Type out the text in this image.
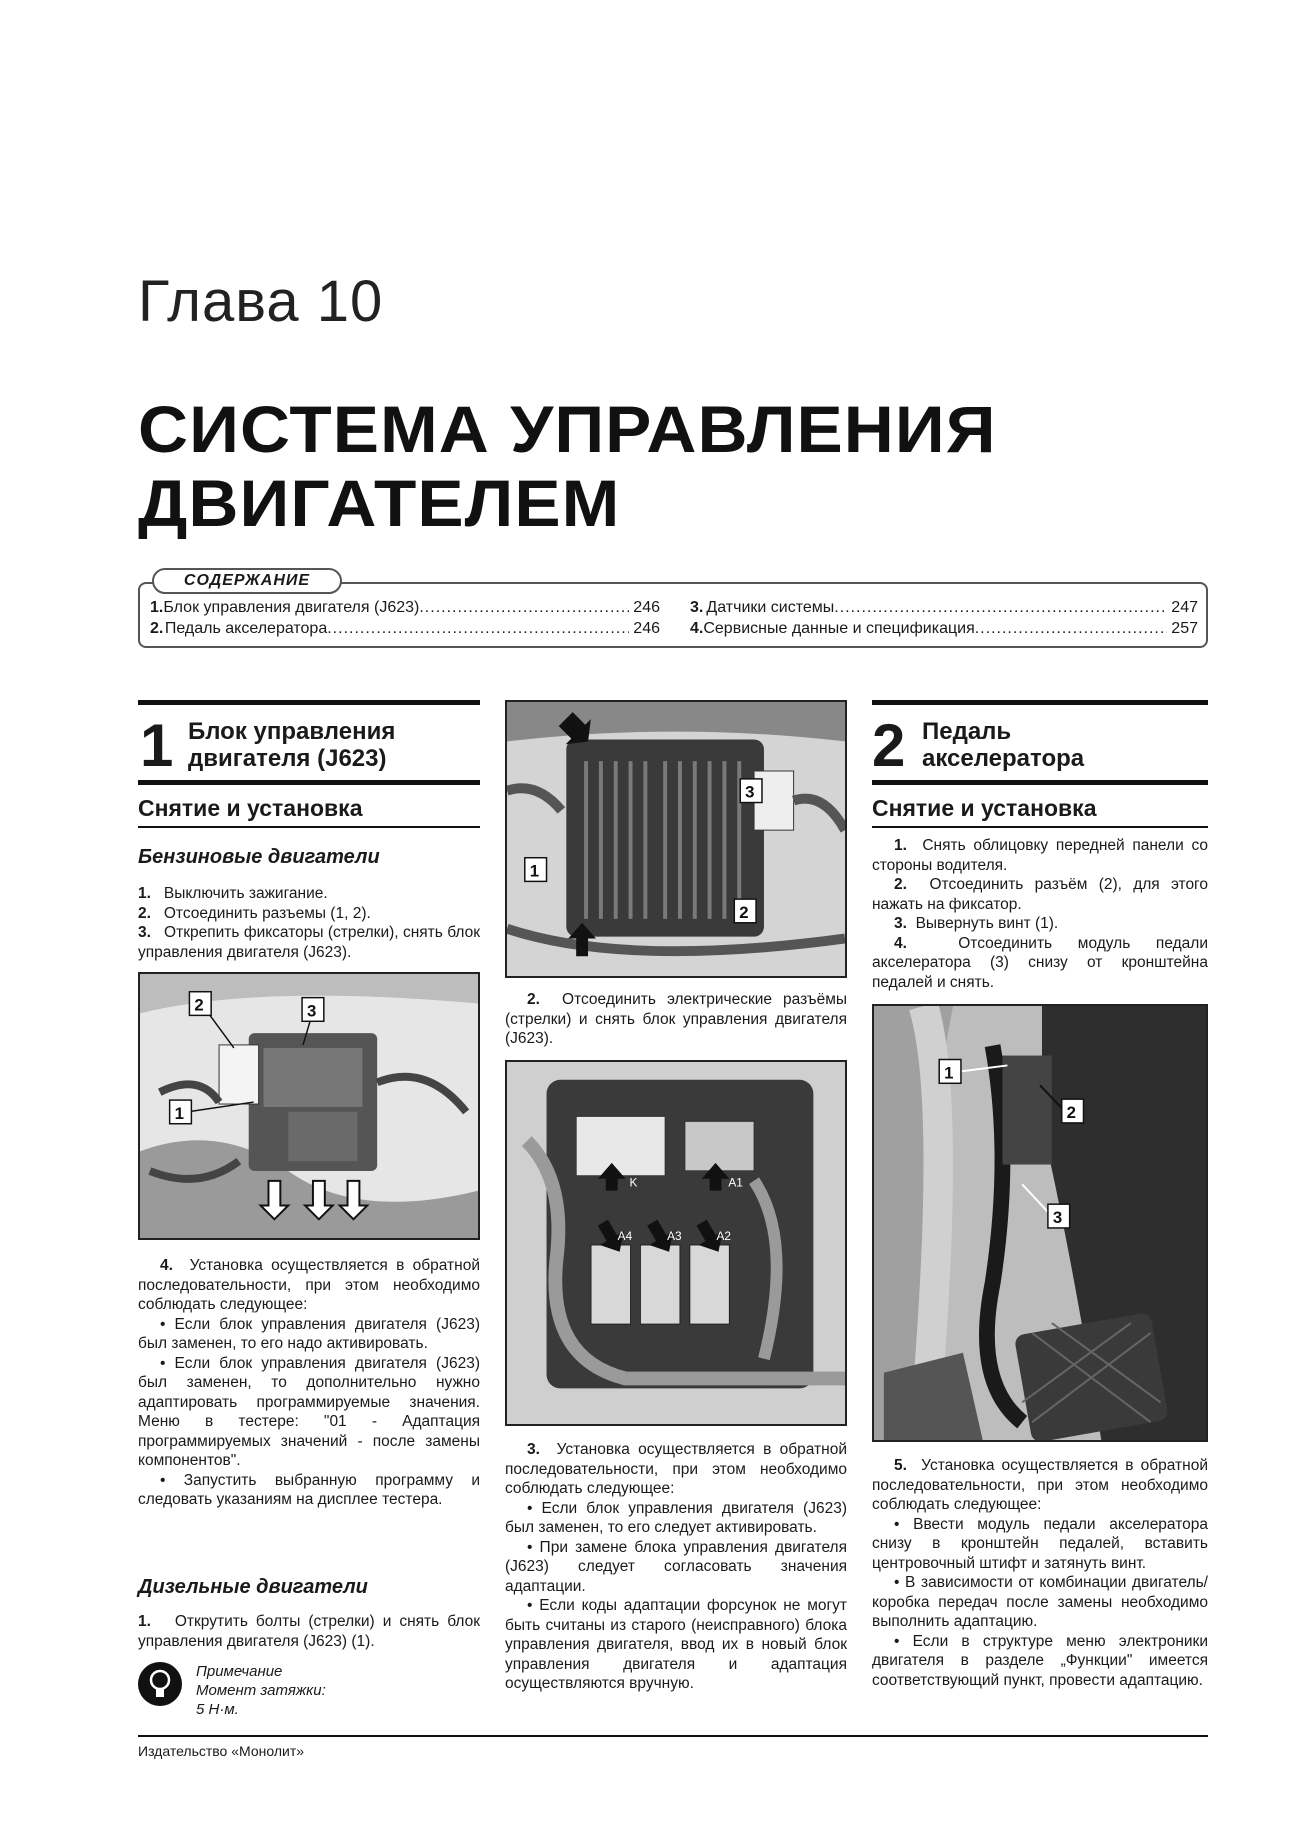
Глава 10
СИСТЕМА УПРАВЛЕНИЯ
ДВИГАТЕЛЕМ
СОДЕРЖАНИЕ
1. Блок управления двигателя (J623) .....	246
2. Педаль акселератора .....	246
3. Датчики системы .....	247
4. Сервисные данные и спецификация .....	257
1 Блок управления
двигателя (J623)
Снятие и установка
Бензиновые двигатели

1. Выключить зажигание.

2. Отсоединить разъемы (1, 2).

3. Открепить фиксаторы (стрелки), снять блок управления двигателя (J623).

2	3
1

4. Установка осуществляется в обратной последовательности, при этом необходимо соблюдать следующее:

• Если блок управления двигателя (J623) был заменен, то его надо активировать.

• Если блок управления двигателя (J623) был заменен, то дополнительно нужно адаптировать программируемые значения. Меню в тестере: "01 - Адаптация программируемых значений - после замены компонентов".

• Запустить выбранную программу и следовать указаниям на дисплее тестера.

Дизельные двигатели

1. Открутить болты (стрелки) и снять блок управления двигателя (J623) (1).

Примечание
Момент затяжки:
5 Н·м.
1
2
3

2. Отсоединить электрические разъёмы (стрелки) и снять блок управления двигателя (J623).

K	A1
A4	A3	A2

3. Установка осуществляется в обратной последовательности, при этом необходимо соблюдать следующее:

• Если блок управления двигателя (J623) был заменен, то его следует активировать.

• При замене блока управления двигателя (J623) следует согласовать значения адаптации.

• Если коды адаптации форсунок не могут быть считаны из старого (неисправного) блока управления двигателя, ввод их в новый блок управления двигателя и адаптация осуществляются вручную.

2 Педаль
акселератора
Снятие и установка

1. Снять облицовку передней панели со стороны водителя.

2. Отсоединить разъём (2), для этого нажать на фиксатор.

3. Вывернуть винт (1).

4.	Отсоединить модуль педали акселератора (3) снизу от кронштейна педалей и снять.

1
2
3

5. Установка осуществляется в обратной последовательности, при этом необходимо соблюдать следующее:

• Ввести модуль педали акселератора снизу в кронштейн педалей, вставить центровочный штифт и затянуть винт.

• В зависимости от комбинации двигатель/коробка передач после замены необходимо выполнить адаптацию.

• Если в структуре меню электроники двигателя в разделе „Функции" имеется соответствующий пункт, провести адаптацию.

Издательство «Монолит»
